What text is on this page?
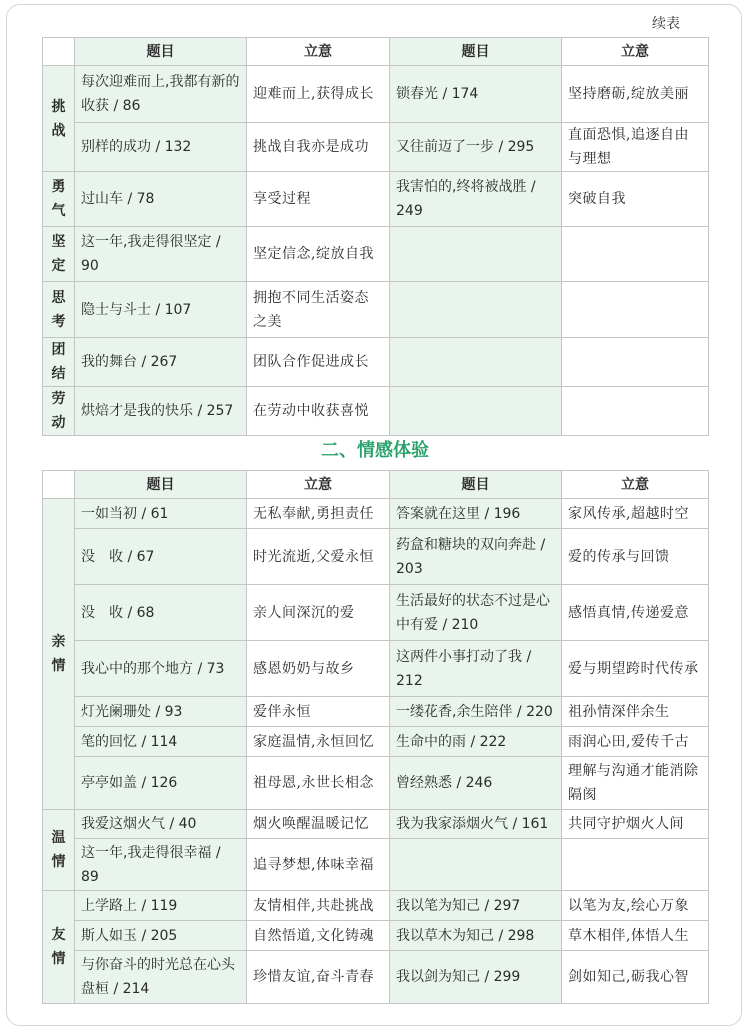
续表
	题目	立意	题目	立意
挑战	每次迎难而上,我都有新的收获 / 86	迎难而上,获得成长	锁春光 / 174	坚持磨砺,绽放美丽
	别样的成功 / 132	挑战自我亦是成功	又往前迈了一步 / 295	直面恐惧,追逐自由与理想
勇气	过山车 / 78	享受过程	我害怕的,终将被战胜 / 249	突破自我
坚定	这一年,我走得很坚定 / 90	坚定信念,绽放自我		
思考	隐士与斗士 / 107	拥抱不同生活姿态之美		
团结	我的舞台 / 267	团队合作促进成长		
劳动	烘焙才是我的快乐 / 257	在劳动中收获喜悦		
二、情感体验
	题目	立意	题目	立意
亲情	一如当初 / 61	无私奉献,勇担责任	答案就在这里 / 196	家风传承,超越时空
	没　收 / 67	时光流逝,父爱永恒	药盒和糖块的双向奔赴 / 203	爱的传承与回馈
	没　收 / 68	亲人间深沉的爱	生活最好的状态不过是心中有爱 / 210	感悟真情,传递爱意
	我心中的那个地方 / 73	感恩奶奶与故乡	这两件小事打动了我 / 212	爱与期望跨时代传承
	灯光阑珊处 / 93	爱伴永恒	一缕花香,余生陪伴 / 220	祖孙情深伴余生
	笔的回忆 / 114	家庭温情,永恒回忆	生命中的雨 / 222	雨润心田,爱传千古
	亭亭如盖 / 126	祖母恩,永世长相念	曾经熟悉 / 246	理解与沟通才能消除隔阂
温情	我爱这烟火气 / 40	烟火唤醒温暖记忆	我为我家添烟火气 / 161	共同守护烟火人间
	这一年,我走得很幸福 / 89	追寻梦想,体味幸福		
友情	上学路上 / 119	友情相伴,共赴挑战	我以笔为知己 / 297	以笔为友,绘心万象
	斯人如玉 / 205	自然悟道,文化铸魂	我以草木为知己 / 298	草木相伴,体悟人生
	与你奋斗的时光总在心头盘桓 / 214	珍惜友谊,奋斗青春	我以剑为知己 / 299	剑如知己,砺我心智
